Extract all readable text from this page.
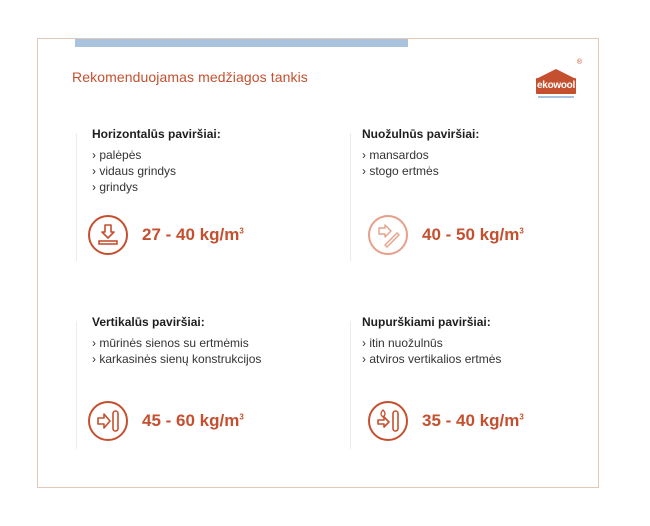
Rekomenduojamas medžiagos tankis
®
ekowool
Horizontalūs paviršiai:
› palėpės
› vidaus grindys
› grindys
27 - 40 $kg/m^3$
Nuožulnūs paviršiai:
› mansardos
› stogo ertmės
40 - 50 $kg/m^3$
Vertikalūs paviršiai:
› mūrinės sienos su ertmėmis
› karkasinės sienų konstrukcijos
45 - 60 $kg/m^3$
Nupurškiami paviršiai:
› itin nuožulnūs
› atviros vertikalios ertmės
35 - 40 $kg/m^3$
